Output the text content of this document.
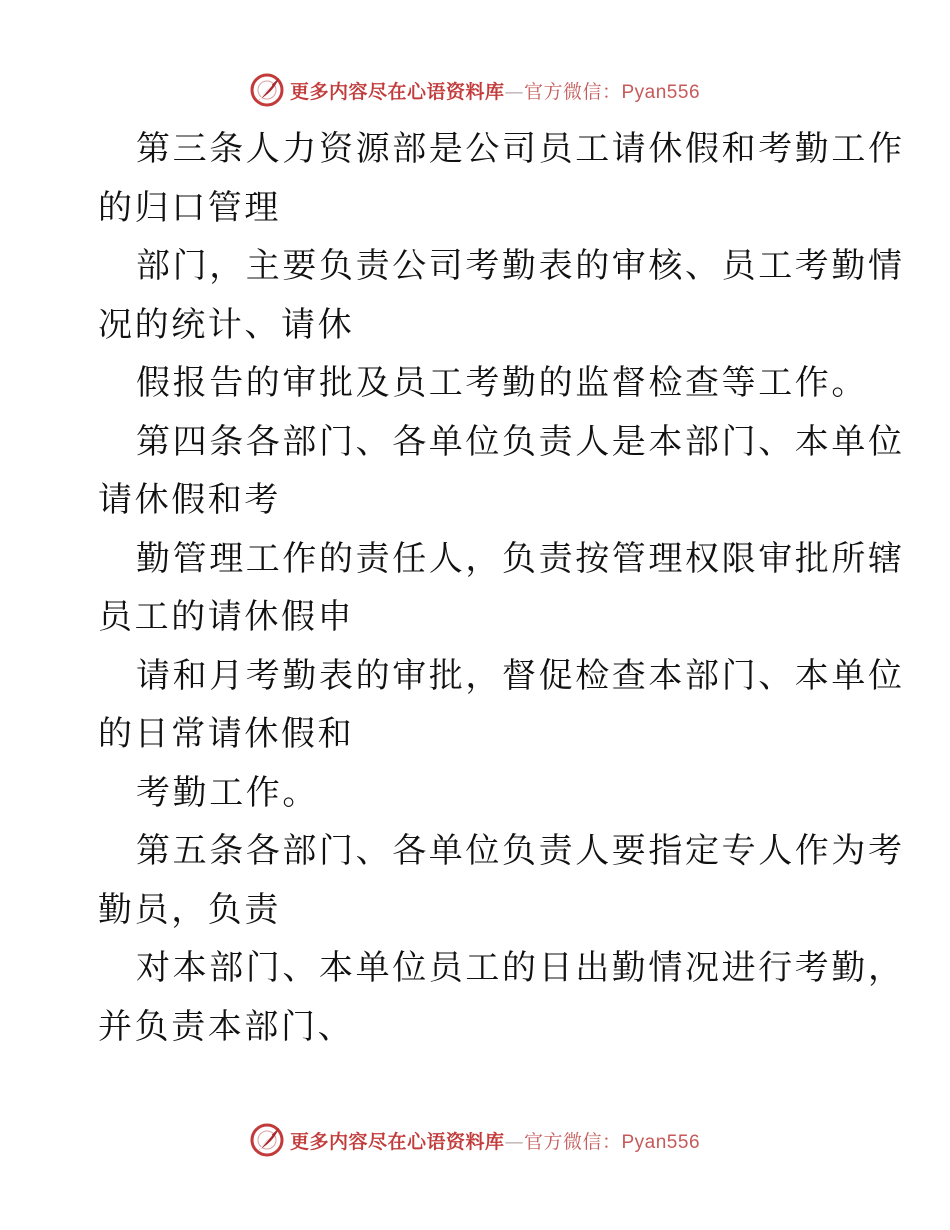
更多内容尽在心语资料库—官方微信：Pyan556
第三条人力资源部是公司员工请休假和考勤工作
的归口管理
部门，主要负责公司考勤表的审核、员工考勤情
况的统计、请休
假报告的审批及员工考勤的监督检查等工作。
第四条各部门、各单位负责人是本部门、本单位
请休假和考
勤管理工作的责任人，负责按管理权限审批所辖
员工的请休假申
请和月考勤表的审批，督促检查本部门、本单位
的日常请休假和
考勤工作。
第五条各部门、各单位负责人要指定专人作为考
勤员，负责
对本部门、本单位员工的日出勤情况进行考勤，
并负责本部门、
更多内容尽在心语资料库—官方微信：Pyan556
